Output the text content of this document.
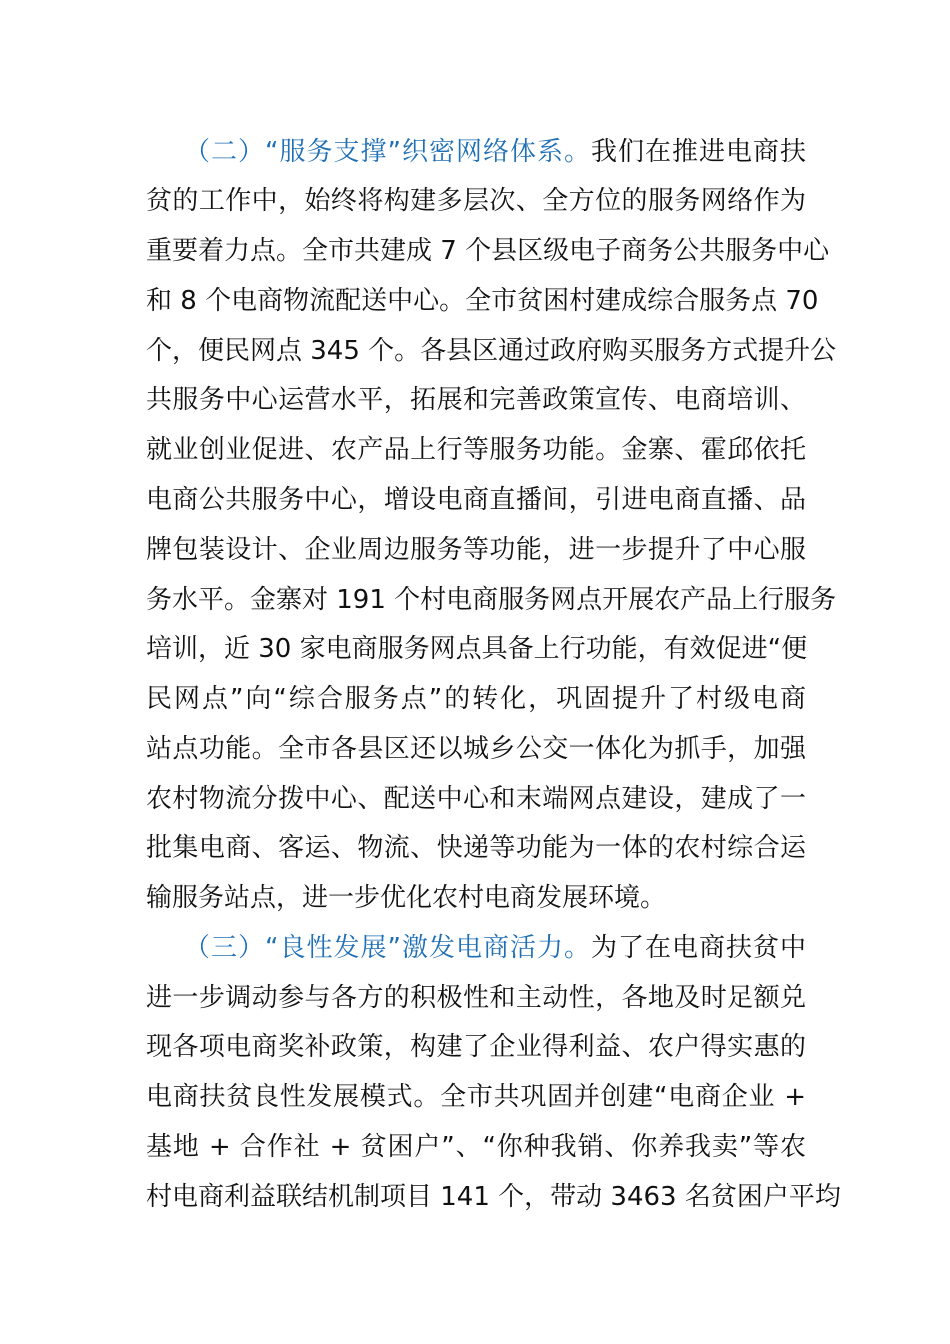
（二）“服务支撑”织密网络体系。我们在推进电商扶
贫的工作中，始终将构建多层次、全方位的服务网络作为
重要着力点。全市共建成 7 个县区级电子商务公共服务中心
和 8 个电商物流配送中心。全市贫困村建成综合服务点 70
个，便民网点 345 个。各县区通过政府购买服务方式提升公
共服务中心运营水平，拓展和完善政策宣传、电商培训、
就业创业促进、农产品上行等服务功能。金寨、霍邱依托
电商公共服务中心，增设电商直播间，引进电商直播、品
牌包装设计、企业周边服务等功能，进一步提升了中心服
务水平。金寨对 191 个村电商服务网点开展农产品上行服务
培训，近 30 家电商服务网点具备上行功能，有效促进“便
民网点”向“综合服务点”的转化，巩固提升了村级电商
站点功能。全市各县区还以城乡公交一体化为抓手，加强
农村物流分拨中心、配送中心和末端网点建设，建成了一
批集电商、客运、物流、快递等功能为一体的农村综合运
输服务站点，进一步优化农村电商发展环境。
（三）“良性发展”激发电商活力。为了在电商扶贫中
进一步调动参与各方的积极性和主动性，各地及时足额兑
现各项电商奖补政策，构建了企业得利益、农户得实惠的
电商扶贫良性发展模式。全市共巩固并创建“电商企业 +
基地 + 合作社 + 贫困户”、“你种我销、你养我卖”等农
村电商利益联结机制项目 141 个，带动 3463 名贫困户平均
